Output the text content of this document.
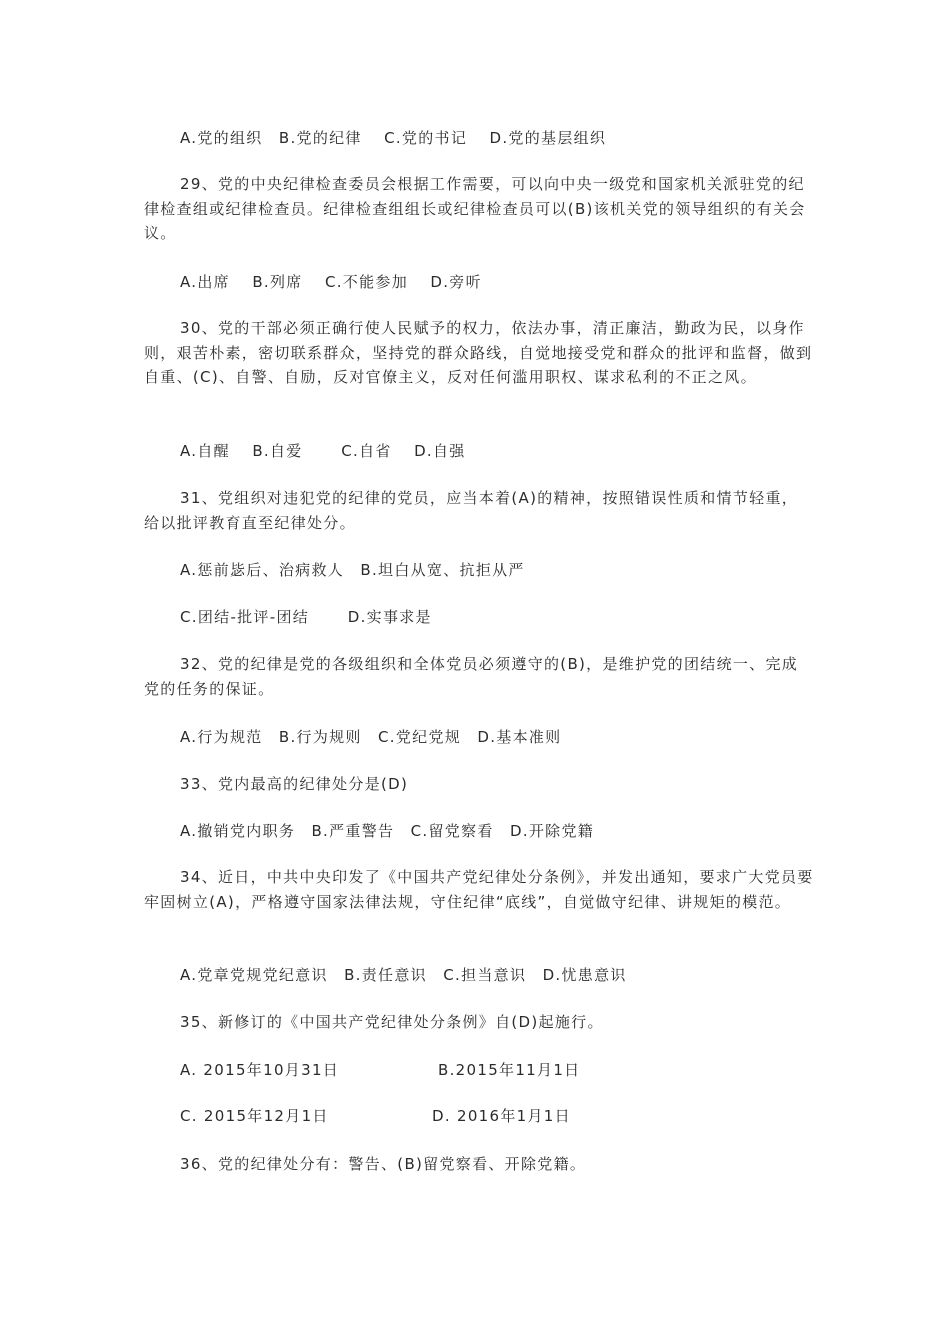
A.党的组织　B.党的纪律　 C.党的书记　 D.党的基层组织

29、党的中央纪律检查委员会根据工作需要，可以向中央一级党和国家机关派驻党的纪律检查组或纪律检查员。纪律检查组组长或纪律检查员可以(B)该机关党的领导组织的有关会议。

A.出席　 B.列席　 C.不能参加　 D.旁听

30、党的干部必须正确行使人民赋予的权力，依法办事，清正廉洁，勤政为民，以身作则，艰苦朴素，密切联系群众，坚持党的群众路线，自觉地接受党和群众的批评和监督，做到自重、(C)、自警、自励，反对官僚主义，反对任何滥用职权、谋求私利的不正之风。

A.自醒　 B.自爱　　 C.自省　 D.自强

31、党组织对违犯党的纪律的党员，应当本着(A)的精神，按照错误性质和情节轻重，给以批评教育直至纪律处分。

A.惩前毖后、治病救人　B.坦白从宽、抗拒从严

C.团结-批评-团结　　 D.实事求是

32、党的纪律是党的各级组织和全体党员必须遵守的(B)，是维护党的团结统一、完成党的任务的保证。

A.行为规范　B.行为规则　C.党纪党规　D.基本准则

33、党内最高的纪律处分是(D)

A.撤销党内职务　B.严重警告　C.留党察看　D.开除党籍

34、近日，中共中央印发了《中国共产党纪律处分条例》，并发出通知，要求广大党员要牢固树立(A)，严格遵守国家法律法规，守住纪律“底线”，自觉做守纪律、讲规矩的模范。

A.党章党规党纪意识　B.责任意识　C.担当意识　D.忧患意识

35、新修订的《中国共产党纪律处分条例》自(D)起施行。

A. 2015年10月31日	B.2015年11月1日

C. 2015年12月1日	D. 2016年1月1日

36、党的纪律处分有：警告、(B)留党察看、开除党籍。
